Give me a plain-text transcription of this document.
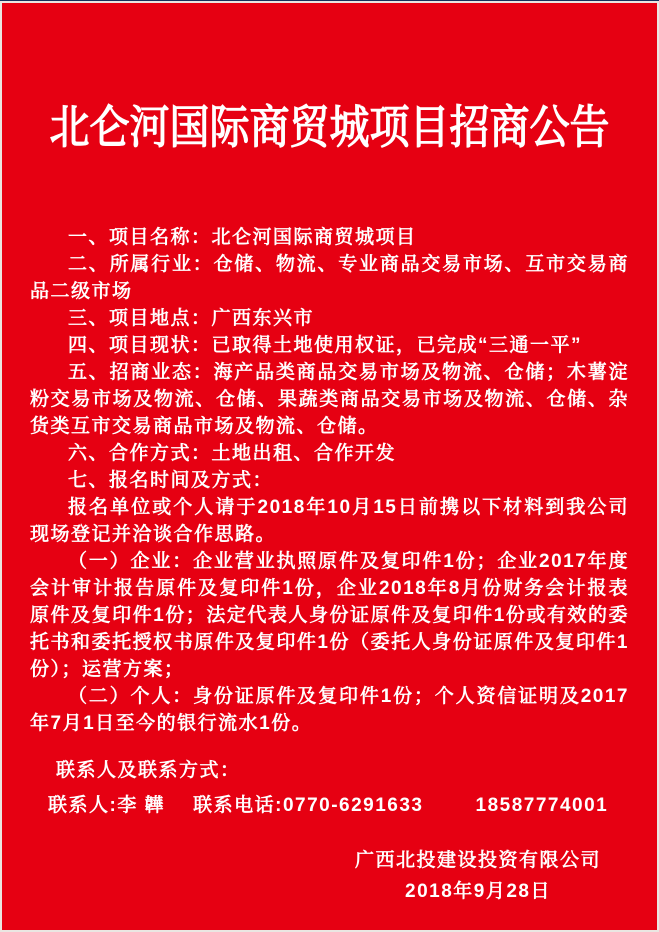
北仑河国际商贸城项目招商公告

一、项目名称：北仑河国际商贸城项目

二、所属行业：仓储、物流、专业商品交易市场、互市交易商品二级市场

三、项目地点：广西东兴市

四、项目现状：已取得土地使用权证，已完成“三通一平”

五、招商业态：海产品类商品交易市场及物流、仓储；木薯淀粉交易市场及物流、仓储、果蔬类商品交易市场及物流、仓储、杂货类互市交易商品市场及物流、仓储。

六、合作方式：土地出租、合作开发

七、报名时间及方式：

报名单位或个人请于2018年10月15日前携以下材料到我公司现场登记并洽谈合作思路。

（一）企业：企业营业执照原件及复印件1份；企业2017年度会计审计报告原件及复印件1份，企业2018年8月份财务会计报表原件及复印件1份；法定代表人身份证原件及复印件1份或有效的委托书和委托授权书原件及复印件1份（委托人身份证原件及复印件1份）；运营方案；

（二）个人：身份证原件及复印件1份；个人资信证明及2017年7月1日至今的银行流水1份。

联系人及联系方式：
联系人:李 韡 联系电话:0770-6291633	18587774001
广西北投建设投资有限公司
2018年9月28日
